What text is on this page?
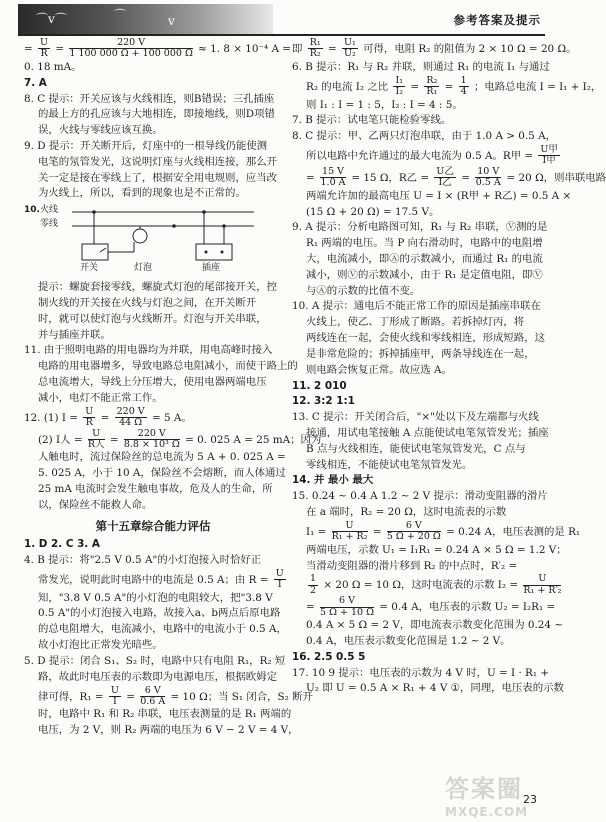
⌒v⌒	⌒	v	参考答案及提示
= $\frac{U}{R} = \frac{220 V}{1 100 000 \Omega + 100 000 \Omega} \approx 1$. 8 × 10⁻⁴ A =
0. 18 mA。
7. A
8. C 提示：开关应该与火线相连，则B错误；三孔插座
的最上方的孔应该与大地相连，即接地线，则D项错
误，火线与零线应该互换。
9. D 提示：开关断开后，灯座中的一根导线仍能使测
电笔的氖管发光，这说明灯座与火线相连接，那么开
关一定是接在零线上了，根据安全用电规则，应当改
为火线上，所以，看到的现象也是不正常的。
10. 火线
零线
开关	灯泡	插座
提示：螺旋套接零线，螺旋式灯泡的尾部接开关，控
制火线的开关接在火线与灯泡之间，在开关断开
时，就可以使灯泡与火线断开。灯泡与开关串联，
并与插座并联。
11. 由于照明电路的用电器均为并联，用电高峰时接入
电路的用电器增多，导致电路总电阻减小，而使干路上的
总电流增大，导线上分压增大，使用电器两端电压
减小，电灯不能正常工作。
12. (1) $I = \frac{U}{R} = \frac{220 V}{44 \Omega} = 5$ A。
(2) I人 = $\frac{U}{\text{R人}} = \frac{220 V}{\text{8.8 × 10³ Ω}} = 0$. 025 A = 25 mA；因为
人触电时，流过保险丝的总电流为 5 A + 0. 025 A =
5. 025 A，小于 10 A，保险丝不会熔断，而人体通过
25 mA 电流时会发生触电事故，危及人的生命，所
以，保险丝不能救人命。
第十五章综合能力评估
1. D 2. C 3. A
4. B 提示：将"2.5 V 0.5 A"的小灯泡接入时恰好正
常发光，说明此时电路中的电流是 0.5 A；由 $R = \frac{U}{I}$
知，"3.8 V 0.5 A"的小灯泡的电阻较大，把"3.8 V
0.5 A"的小灯泡接入电路，故接入a、b两点后原电路
的总电阻增大，电流减小，电路中的电流小于 0.5 A，
故小灯泡比正常发光暗些。
5. D 提示：闭合 S₁、S₂ 时，电路中只有电阻 R₁，R₂ 短
路，故此时电压表的示数即为电源电压，根据欧姆定
律可得，$R_1 = \frac{U}{I} = \frac{6 V}{0.6 A} = 10$ Ω；当 S₁ 闭合，S₂ 断开
时，电路中 R₁ 和 R₂ 串联，电压表测量的是 R₁ 两端的
电压，为 2 V，则 R₂ 两端的电压为 6 V − 2 V = 4 V，
即 $\frac{\text{R₁}}{\text{R₂}} = \frac{\text{U₁}}{\text{U₂}}$ 可得，电阻 R₂ 的阻值为 2 × 10 Ω = 20 Ω。
6. B 提示：R₁ 与 R₂ 并联，则通过 R₁ 的电流 I₁ 与通过
R₂ 的电流 I₂ 之比 $\frac{\text{I₁}}{\text{I₂}} = \frac{\text{R₂}}{\text{R₁}} = \frac{1}{4}$ ；电路总电流 I = I₁ + I₂，
则 I₁ : I = 1 : 5，I₂ : I = 4 : 5。
7. B 提示：试电笔只能检验零线。
8. C 提示：甲、乙两只灯泡串联，由于 1.0 A > 0.5 A，
所以电路中允许通过的最大电流为 0.5 A。R甲 = $\frac{\text{U甲}}{\text{I甲}}$
= $\frac{15 V}{1.0 A} = 15$ Ω，R乙 = $\frac{\text{U乙}}{\text{I乙}} = \frac{10 V}{0.5 A} = 20$ Ω，则串联电路
两端允许加的最高电压 U = I × (R甲 + R乙) = 0.5 A ×
(15 Ω + 20 Ω) = 17.5 V。
9. A 提示：分析电路图可知，R₁ 与 R₂ 串联，Ⓥ测的是
R₁ 两端的电压。当 P 向右滑动时，电路中的电阻增
大，电流减小，即Ⓐ的示数减小，而通过 R₁ 的电流
减小，则Ⓥ的示数减小，由于 R₁ 是定值电阻，即Ⓥ
与Ⓐ的示数的比值不变。
10. A 提示：通电后不能正常工作的原因是插座串联在
火线上，使乙、丁形成了断路。若拆掉灯丙，将
两线连在一起，会使火线和零线相连，形成短路，这
是非常危险的；拆掉插座甲，两条导线连在一起，
则电路会恢复正常。故应选 A。
11. 2 010
12. 3:2 1:1
13. C 提示：开关闭合后，"×"处以下及左端都与火线
接通，用试电笔接触 A 点能使试电笔氖管发光；插座
B 点与火线相连，能使试电笔氖管发光，C 点与
零线相连，不能使试电笔氖管发光。
14. 并 最小 最大
15. 0.24 ~ 0.4 A 1.2 ~ 2 V 提示：滑动变阻器的滑片
在 a 端时，R₂ = 20 Ω，这时电流表的示数
$I_1 = \frac{U}{\text{R₁ + R₂}} = \frac{6 V}{5 \Omega + 20 \Omega} = 0.24$ A，电压表测的是 R₁
两端电压，示数 U₁ = I₁R₁ = 0.24 A × 5 Ω = 1.2 V；
当滑动变阻器的滑片移到 R₂ 的中点时，R′₂ =
$\frac{1}{2} \times 20$ Ω = 10 Ω，这时电流表的示数 $I_2 = \frac{U}{\text{R₁ + R′₂}}$
= $\frac{6 V}{5 \Omega + 10 \Omega} = 0.4$ A，电压表的示数 U₂ = I₂R₁ =
0.4 A × 5 Ω = 2 V，即电流表示数变化范围为 0.24 ~
0.4 A，电压表示数变化范围是 1.2 ~ 2 V。
16. 2.5 0.5 5
17. 10 9 提示：电压表的示数为 4 V 时，U = I · R₁ +
U₂ 即 U = 0.5 A × R₁ + 4 V ①，同理，电压表的示数
答案圈
MXQE.COM
23
